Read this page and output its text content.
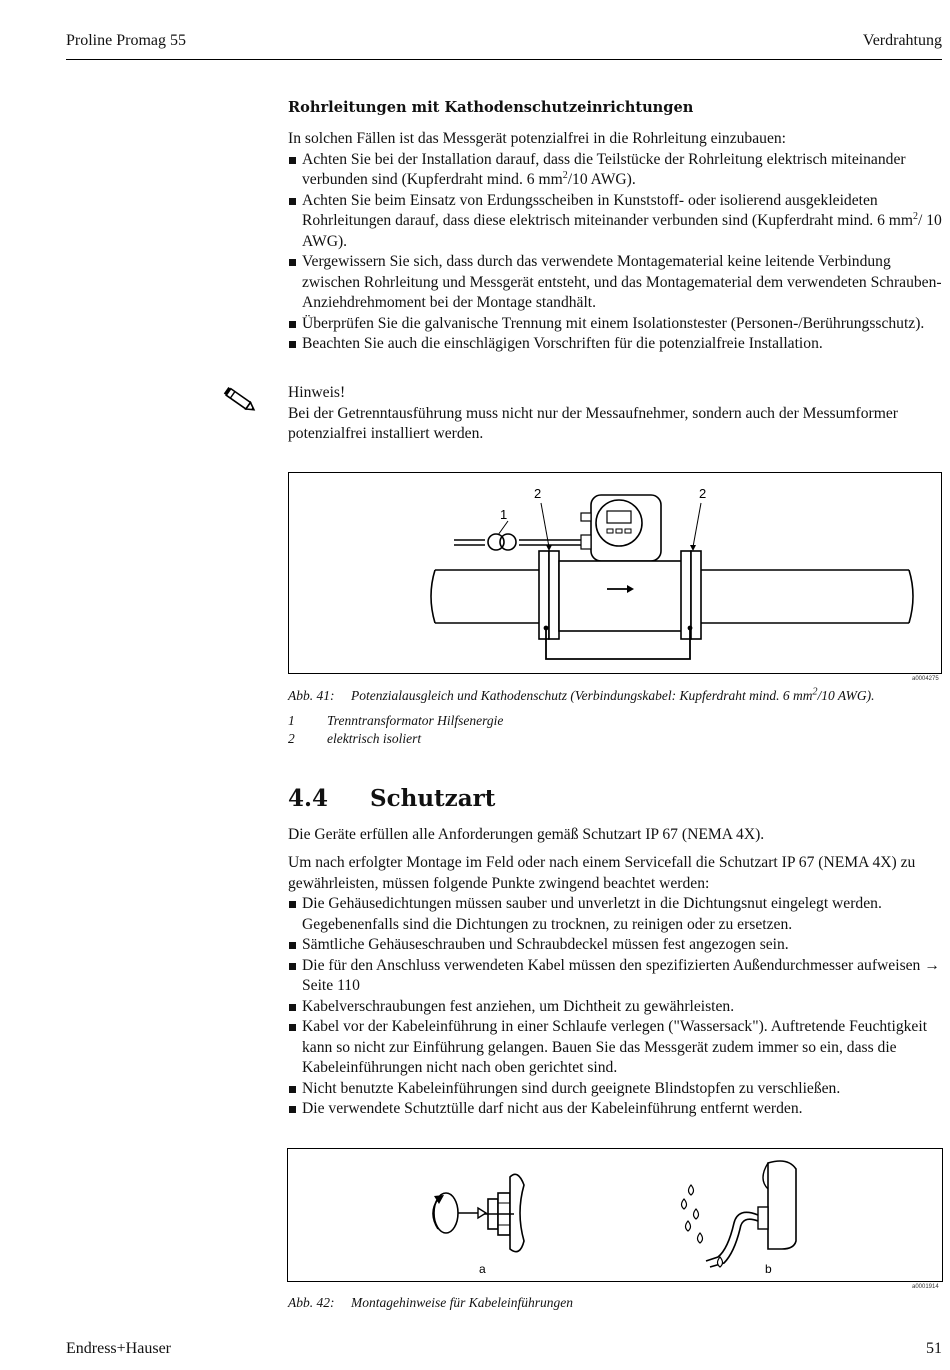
Proline Promag 55	Verdrahtung
Rohrleitungen mit Kathodenschutzeinrichtungen

In solchen Fällen ist das Messgerät potenzialfrei in die Rohrleitung einzubauen:

Achten Sie bei der Installation darauf, dass die Teilstücke der Rohrleitung elektrisch miteinander verbunden sind (Kupferdraht mind. 6 $mm^2/10$ AWG).
Achten Sie beim Einsatz von Erdungsscheiben in Kunststoff- oder isolierend ausgekleideten Rohrleitungen darauf, dass diese elektrisch miteinander verbunden sind (Kupferdraht mind. 6 $mm^2/$ 10 AWG).
Vergewissern Sie sich, dass durch das verwendete Montagematerial keine leitende Verbindung zwischen Rohrleitung und Messgerät entsteht, und das Montagematerial dem verwendeten Schrauben-Anziehdrehmoment bei der Montage standhält.
Überprüfen Sie die galvanische Trennung mit einem Isolationstester (Personen-/Berührungsschutz).
Beachten Sie auch die einschlägigen Vorschriften für die potenzialfreie Installation.

Hinweis!

Bei der Getrenntausführung muss nicht nur der Messaufnehmer, sondern auch der Messumformer potenzialfrei installiert werden.

1
2	2
a0004275
Abb. 41: Potenzialausgleich und Kathodenschutz (Verbindungskabel: Kupferdraht mind. 6 $mm^2/10$ AWG).
1 Trenntransformator Hilfsenergie
2 elektrisch isoliert
4.4 Schutzart

Die Geräte erfüllen alle Anforderungen gemäß Schutzart IP 67 (NEMA 4X).

Um nach erfolgter Montage im Feld oder nach einem Servicefall die Schutzart IP 67 (NEMA 4X) zu gewährleisten, müssen folgende Punkte zwingend beachtet werden:

Die Gehäusedichtungen müssen sauber und unverletzt in die Dichtungsnut eingelegt werden. Gegebenenfalls sind die Dichtungen zu trocknen, zu reinigen oder zu ersetzen.
Sämtliche Gehäuseschrauben und Schraubdeckel müssen fest angezogen sein.
Die für den Anschluss verwendeten Kabel müssen den spezifizierten Außendurchmesser aufweisen → Seite 110
Kabelverschraubungen fest anziehen, um Dichtheit zu gewährleisten.
Kabel vor der Kabeleinführung in einer Schlaufe verlegen ("Wassersack"). Auftretende Feuchtigkeit kann so nicht zur Einführung gelangen. Bauen Sie das Messgerät zudem immer so ein, dass die Kabeleinführungen nicht nach oben gerichtet sind.
Nicht benutzte Kabeleinführungen sind durch geeignete Blindstopfen zu verschließen.
Die verwendete Schutztülle darf nicht aus der Kabeleinführung entfernt werden.
a	b
a0001914
Abb. 42: Montagehinweise für Kabeleinführungen
Endress+Hauser	51
